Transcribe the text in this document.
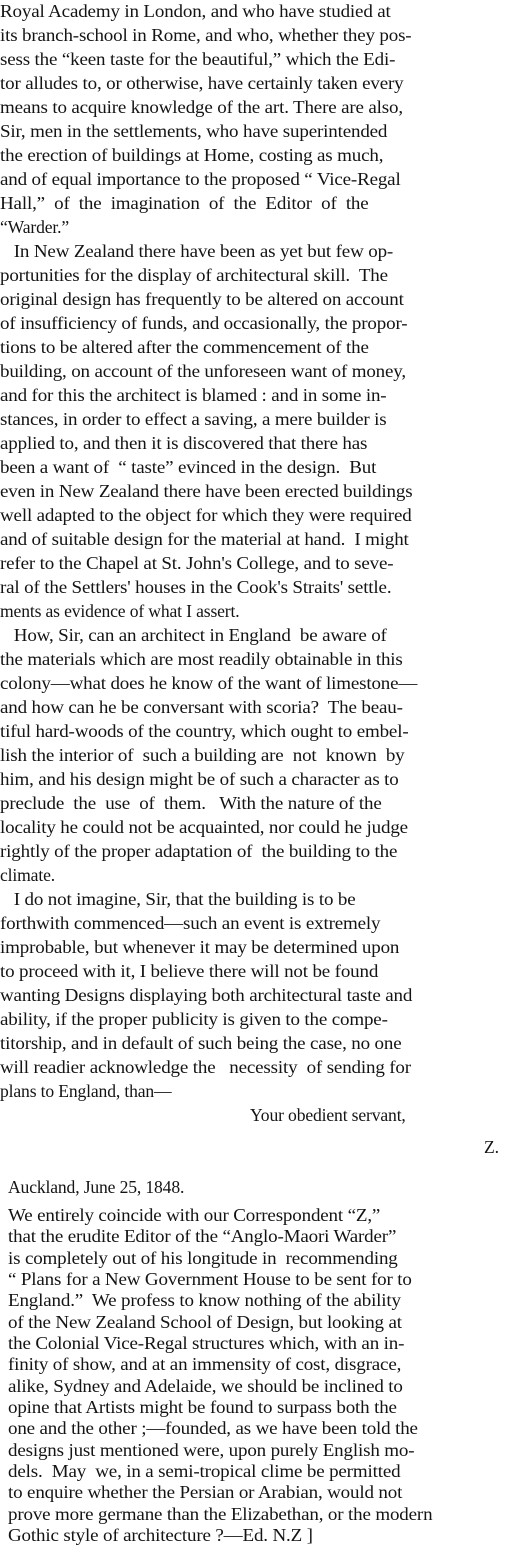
Royal Academy in London, and who have studied at
its branch-school in Rome, and who, whether they pos-
sess the “keen taste for the beautiful,” which the Edi-
tor alludes to, or otherwise, have certainly taken every
means to acquire knowledge of the art. There are also,
Sir, men in the settlements, who have superintended
the erection of buildings at Home, costing as much,
and of equal importance to the proposed “ Vice-Regal
Hall,”  of  the  imagination  of  the  Editor  of  the
“Warder.”
In New Zealand there have been as yet but few op-
portunities for the display of architectural skill.  The
original design has frequently to be altered on account
of insufficiency of funds, and occasionally, the propor-
tions to be altered after the commencement of the
building, on account of the unforeseen want of money,
and for this the architect is blamed : and in some in-
stances, in order to effect a saving, a mere builder is
applied to, and then it is discovered that there has
been a want of  “ taste” evinced in the design.  But
even in New Zealand there have been erected buildings
well adapted to the object for which they were required
and of suitable design for the material at hand.  I might
refer to the Chapel at St. John's College, and to seve-
ral of the Settlers' houses in the Cook's Straits' settle.
ments as evidence of what I assert.
How, Sir, can an architect in England  be aware of
the materials which are most readily obtainable in this
colony—what does he know of the want of limestone—
and how can he be conversant with scoria?  The beau-
tiful hard-woods of the country, which ought to embel-
lish the interior of  such a building are  not  known  by
him, and his design might be of such a character as to
preclude  the  use  of  them.   With the nature of the
locality he could not be acquainted, nor could he judge
rightly of the proper adaptation of  the building to the
climate.
I do not imagine, Sir, that the building is to be
forthwith commenced—such an event is extremely
improbable, but whenever it may be determined upon
to proceed with it, I believe there will not be found
wanting Designs displaying both architectural taste and
ability, if the proper publicity is given to the compe-
titorship, and in default of such being the case, no one
will readier acknowledge the   necessity  of sending for
plans to England, than—
Your obedient servant,
Z.
Auckland, June 25, 1848.
We entirely coincide with our Correspondent “Z,”
that the erudite Editor of the “Anglo-Maori Warder”
is completely out of his longitude in  recommending
“ Plans for a New Government House to be sent for to
England.”  We profess to know nothing of the ability
of the New Zealand School of Design, but looking at
the Colonial Vice-Regal structures which, with an in-
finity of show, and at an immensity of cost, disgrace,
alike, Sydney and Adelaide, we should be inclined to
opine that Artists might be found to surpass both the
one and the other ;—founded, as we have been told the
designs just mentioned were, upon purely English mo-
dels.  May  we, in a semi-tropical clime be permitted
to enquire whether the Persian or Arabian, would not
prove more germane than the Elizabethan, or the modern
Gothic style of architecture ?—Ed. N.Z ]
